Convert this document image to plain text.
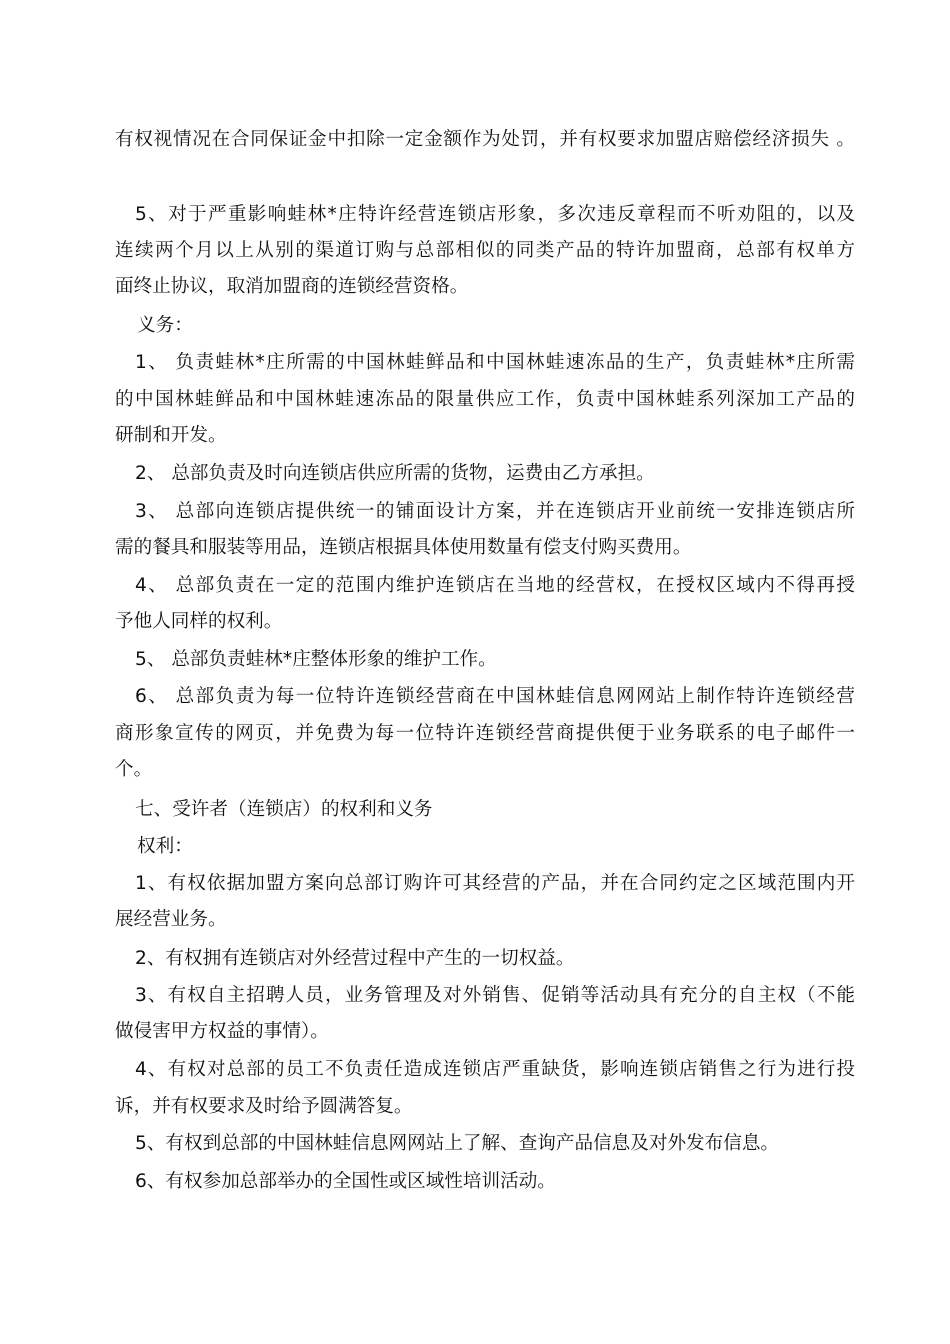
有权视情况在合同保证金中扣除一定金额作为处罚，并有权要求加盟店赔偿经济损失 。
5、对于严重影响蛙林*庄特许经营连锁店形象，多次违反章程而不听劝阻的，以及
连续两个月以上从别的渠道订购与总部相似的同类产品的特许加盟商，总部有权单方
面终止协议，取消加盟商的连锁经营资格。
义务：
1、 负责蛙林*庄所需的中国林蛙鲜品和中国林蛙速冻品的生产，负责蛙林*庄所需
的中国林蛙鲜品和中国林蛙速冻品的限量供应工作，负责中国林蛙系列深加工产品的
研制和开发。
2、 总部负责及时向连锁店供应所需的货物，运费由乙方承担。
3、 总部向连锁店提供统一的铺面设计方案，并在连锁店开业前统一安排连锁店所
需的餐具和服装等用品，连锁店根据具体使用数量有偿支付购买费用。
4、 总部负责在一定的范围内维护连锁店在当地的经营权，在授权区域内不得再授
予他人同样的权利。
5、 总部负责蛙林*庄整体形象的维护工作。
6、 总部负责为每一位特许连锁经营商在中国林蛙信息网网站上制作特许连锁经营
商形象宣传的网页，并免费为每一位特许连锁经营商提供便于业务联系的电子邮件一
个。
七、受许者（连锁店）的权利和义务
权利：
1、有权依据加盟方案向总部订购许可其经营的产品，并在合同约定之区域范围内开
展经营业务。
2、有权拥有连锁店对外经营过程中产生的一切权益。
3、有权自主招聘人员，业务管理及对外销售、促销等活动具有充分的自主权（不能
做侵害甲方权益的事情）。
4、有权对总部的员工不负责任造成连锁店严重缺货，影响连锁店销售之行为进行投
诉，并有权要求及时给予圆满答复。
5、有权到总部的中国林蛙信息网网站上了解、查询产品信息及对外发布信息。
6、有权参加总部举办的全国性或区域性培训活动。
